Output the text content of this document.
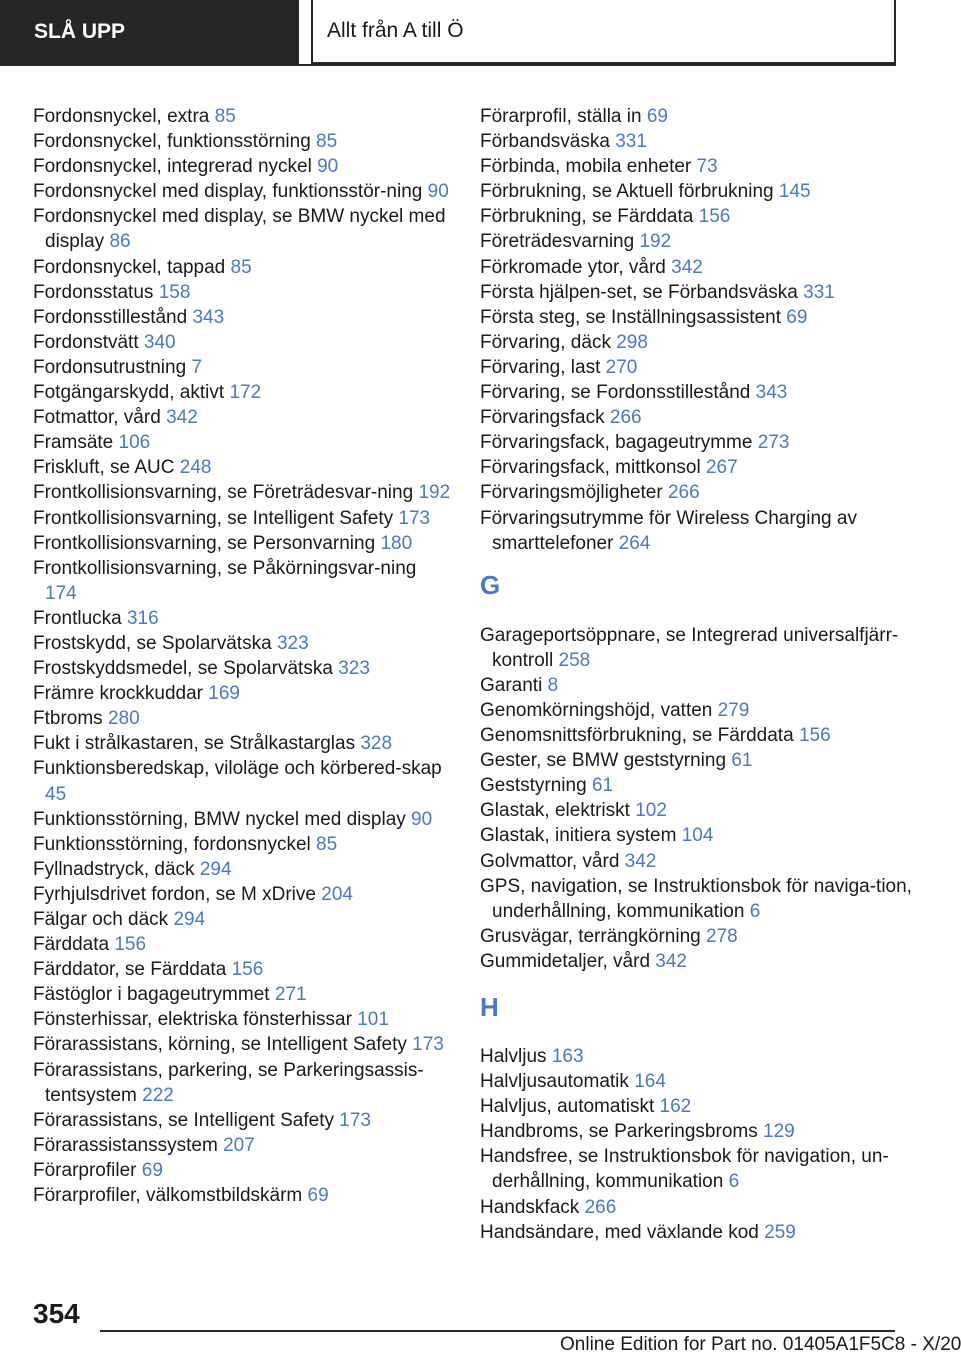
SLÅ UPP	Allt från A till Ö
Fordonsnyckel, extra 85
Fordonsnyckel, funktionsstörning 85
Fordonsnyckel, integrerad nyckel 90
Fordonsnyckel med display, funktionsstör‐ning 90
Fordonsnyckel med display, se BMW nyckel med display 86
Fordonsnyckel, tappad 85
Fordonsstatus 158
Fordonsstillestånd 343
Fordonstvätt 340
Fordonsutrustning 7
Fotgängarskydd, aktivt 172
Fotmattor, vård 342
Framsäte 106
Friskluft, se AUC 248
Frontkollisionsvarning, se Företrädesvar‐ning 192
Frontkollisionsvarning, se Intelligent Safety 173
Frontkollisionsvarning, se Personvarning 180
Frontkollisionsvarning, se Påkörningsvar‐ning 174
Frontlucka 316
Frostskydd, se Spolarvätska 323
Frostskyddsmedel, se Spolarvätska 323
Främre krockkuddar 169
Ftbroms 280
Fukt i strålkastaren, se Strålkastarglas 328
Funktionsberedskap, viloläge och körbered‐skap 45
Funktionsstörning, BMW nyckel med display 90
Funktionsstörning, fordonsnyckel 85
Fyllnadstryck, däck 294
Fyrhjulsdrivet fordon, se M xDrive 204
Fälgar och däck 294
Färddata 156
Färddator, se Färddata 156
Fästöglor i bagageutrymmet 271
Fönsterhissar, elektriska fönsterhissar 101
Förarassistans, körning, se Intelligent Safety 173
Förarassistans, parkering, se Parkeringsassis‐tentsystem 222
Förarassistans, se Intelligent Safety 173
Förarassistanssystem 207
Förarprofiler 69
Förarprofiler, välkomstbildskärm 69
Förarprofil, ställa in 69
Förbandsväska 331
Förbinda, mobila enheter 73
Förbrukning, se Aktuell förbrukning 145
Förbrukning, se Färddata 156
Företrädesvarning 192
Förkromade ytor, vård 342
Första hjälpen-set, se Förbandsväska 331
Första steg, se Inställningsassistent 69
Förvaring, däck 298
Förvaring, last 270
Förvaring, se Fordonsstillestånd 343
Förvaringsfack 266
Förvaringsfack, bagageutrymme 273
Förvaringsfack, mittkonsol 267
Förvaringsmöjligheter 266
Förvaringsutrymme för Wireless Charging av smarttelefoner 264
G
Garageportsöppnare, se Integrerad universalfjärr‐kontroll 258
Garanti 8
Genomkörningshöjd, vatten 279
Genomsnittsförbrukning, se Färddata 156
Gester, se BMW geststyrning 61
Geststyrning 61
Glastak, elektriskt 102
Glastak, initiera system 104
Golvmattor, vård 342
GPS, navigation, se Instruktionsbok för naviga‐tion, underhållning, kommunikation 6
Grusvägar, terrängkörning 278
Gummidetaljer, vård 342
H
Halvljus 163
Halvljusautomatik 164
Halvljus, automatiskt 162
Handbroms, se Parkeringsbroms 129
Handsfree, se Instruktionsbok för navigation, un‐derhållning, kommunikation 6
Handskfack 266
Handsändare, med växlande kod 259
354
Online Edition for Part no. 01405A1F5C8 - X/20
